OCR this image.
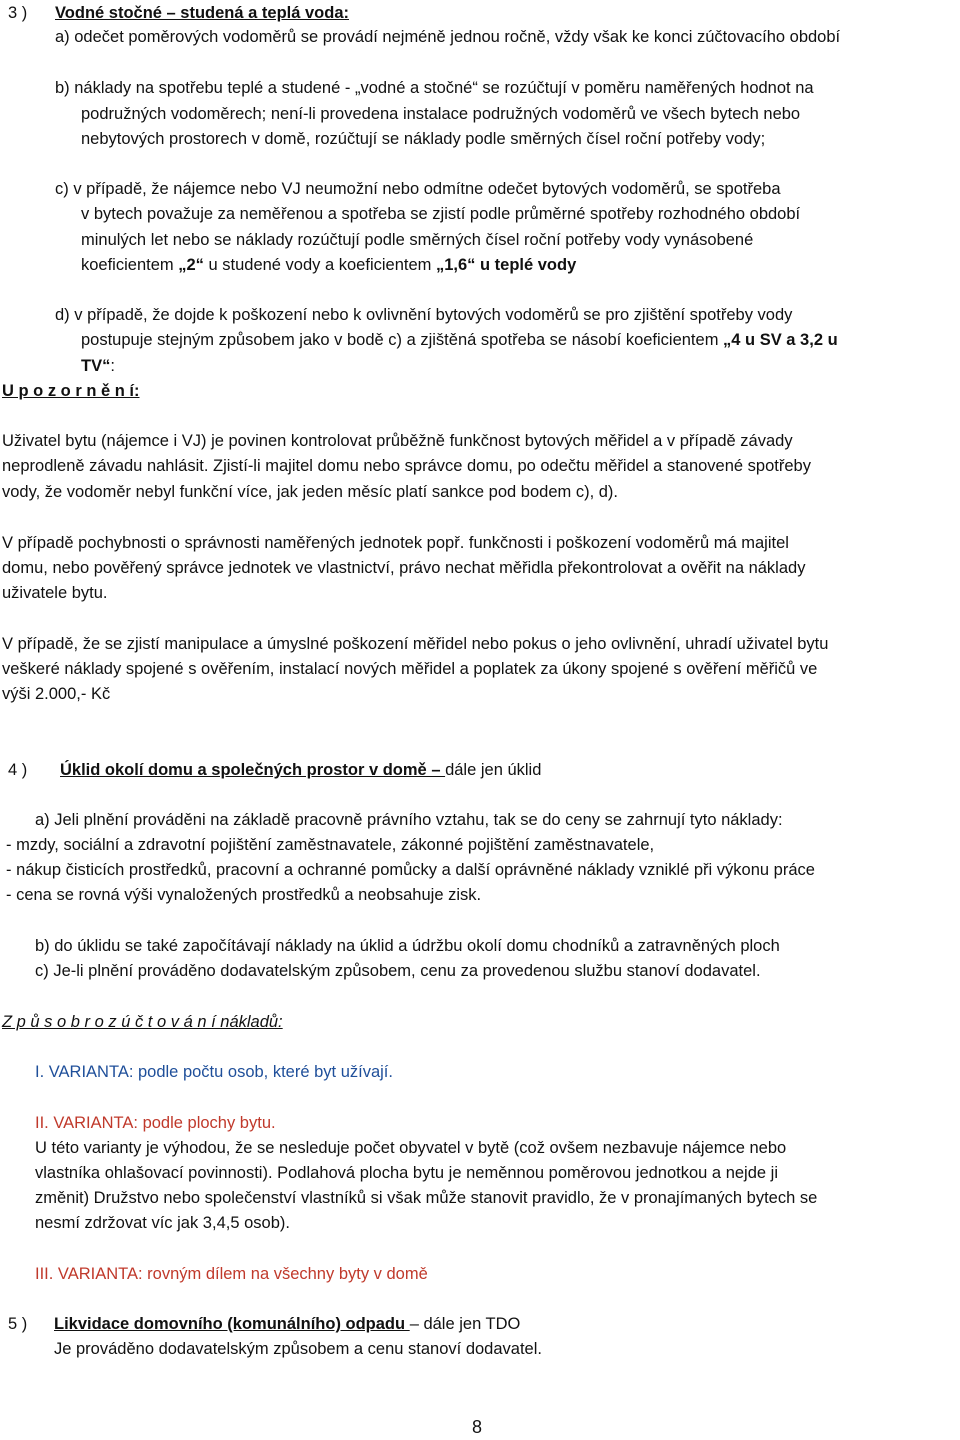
3 ) Vodné stočné – studená a teplá voda:
a) odečet poměrových vodoměrů se provádí nejméně jednou ročně, vždy však ke konci zúčtovacího období
b) náklady na spotřebu teplé a studené - „vodné a stočné“ se rozúčtují v poměru naměřených hodnot na
podružných vodoměrech; není-li provedena instalace podružných vodoměrů ve všech bytech nebo
nebytových prostorech v domě, rozúčtují se náklady podle směrných čísel roční potřeby vody;
c) v případě, že nájemce nebo VJ neumožní nebo odmítne odečet bytových vodoměrů, se spotřeba
v bytech považuje za neměřenou a spotřeba se zjistí podle průměrné spotřeby rozhodného období
minulých let nebo se náklady rozúčtují podle směrných čísel roční potřeby vody vynásobené
koeficientem „2“ u studené vody a koeficientem „1,6“ u teplé vody
d) v případě, že dojde k poškození nebo k ovlivnění bytových vodoměrů se pro zjištění spotřeby vody
postupuje stejným způsobem jako v bodě c) a zjištěná spotřeba se násobí koeficientem „4 u SV a 3,2 u
TV“:
U p o z o r n ě n í:
Uživatel bytu (nájemce i VJ) je povinen kontrolovat průběžně funkčnost bytových měřidel a v případě závady
neprodleně závadu nahlásit. Zjistí-li majitel domu nebo správce domu, po odečtu měřidel a stanovené spotřeby
vody, že vodoměr nebyl funkční více, jak jeden měsíc platí sankce pod bodem c), d).
V případě pochybnosti o správnosti naměřených jednotek popř. funkčnosti i poškození vodoměrů má majitel
domu, nebo pověřený správce jednotek ve vlastnictví, právo nechat měřidla překontrolovat a ověřit na náklady
uživatele bytu.
V případě, že se zjistí manipulace a úmyslné poškození měřidel nebo pokus o jeho ovlivnění, uhradí uživatel bytu
veškeré náklady spojené s ověřením, instalací nových měřidel a poplatek za úkony spojené s ověření měřičů ve
výši 2.000,- Kč
4 ) Úklid okolí domu a společných prostor v domě – dále jen úklid
a) Jeli plnění prováděni na základě pracovně právního vztahu, tak se do ceny se zahrnují tyto náklady:
- mzdy, sociální a zdravotní pojištění zaměstnavatele, zákonné pojištění zaměstnavatele,
- nákup čisticích prostředků, pracovní a ochranné pomůcky a další oprávněné náklady vzniklé při výkonu práce
- cena se rovná výši vynaložených prostředků a neobsahuje zisk.
b) do úklidu se také započítávají náklady na úklid a údržbu okolí domu chodníků a zatravněných ploch
c) Je-li plnění prováděno dodavatelským způsobem, cenu za provedenou službu stanoví dodavatel.
Z p ů s o b r o z ú č t o v á n í nákladů:
I. VARIANTA: podle počtu osob, které byt užívají.
II. VARIANTA: podle plochy bytu.
U této varianty je výhodou, že se nesleduje počet obyvatel v bytě (což ovšem nezbavuje nájemce nebo
vlastníka ohlašovací povinnosti). Podlahová plocha bytu je neměnnou poměrovou jednotkou a nejde ji
změnit) Družstvo nebo společenství vlastníků si však může stanovit pravidlo, že v pronajímaných bytech se
nesmí zdržovat víc jak 3,4,5 osob).
III. VARIANTA: rovným dílem na všechny byty v domě
5 ) Likvidace domovního (komunálního) odpadu – dále jen TDO
Je prováděno dodavatelským způsobem a cenu stanoví dodavatel.
8
